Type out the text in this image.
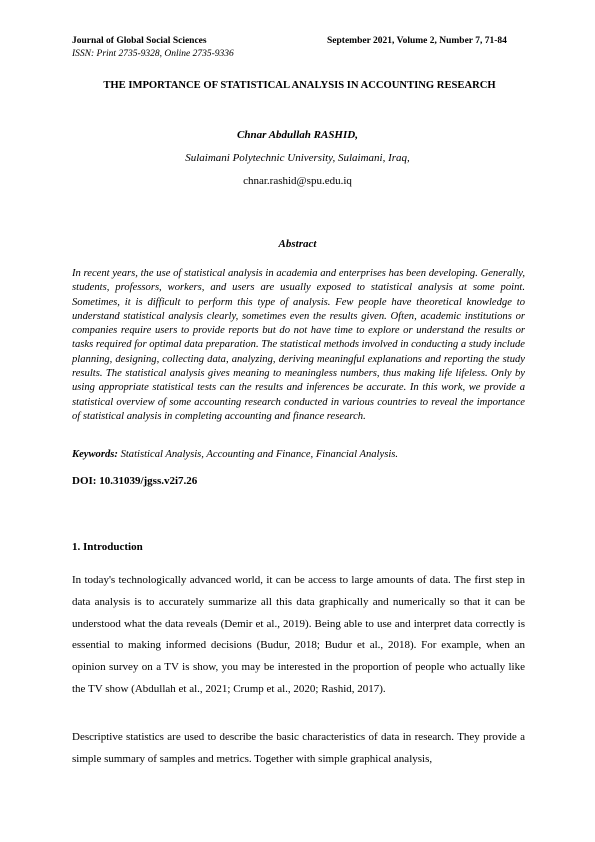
Journal of Global Social Sciences
ISSN: Print 2735-9328, Online 2735-9336
September 2021, Volume 2, Number 7, 71-84
THE IMPORTANCE OF STATISTICAL ANALYSIS IN ACCOUNTING RESEARCH
Chnar Abdullah RASHID,
Sulaimani Polytechnic University, Sulaimani, Iraq,
chnar.rashid@spu.edu.iq
Abstract
In recent years, the use of statistical analysis in academia and enterprises has been developing. Generally, students, professors, workers, and users are usually exposed to statistical analysis at some point. Sometimes, it is difficult to perform this type of analysis. Few people have theoretical knowledge to understand statistical analysis clearly, sometimes even the results given. Often, academic institutions or companies require users to provide reports but do not have time to explore or understand the results or tasks required for optimal data preparation. The statistical methods involved in conducting a study include planning, designing, collecting data, analyzing, deriving meaningful explanations and reporting the study results. The statistical analysis gives meaning to meaningless numbers, thus making life lifeless. Only by using appropriate statistical tests can the results and inferences be accurate. In this work, we provide a statistical overview of some accounting research conducted in various countries to reveal the importance of statistical analysis in completing accounting and finance research.
Keywords: Statistical Analysis, Accounting and Finance, Financial Analysis.
DOI: 10.31039/jgss.v2i7.26
1. Introduction
In today's technologically advanced world, it can be access to large amounts of data. The first step in data analysis is to accurately summarize all this data graphically and numerically so that it can be understood what the data reveals (Demir et al., 2019). Being able to use and interpret data correctly is essential to making informed decisions (Budur, 2018; Budur et al., 2018). For example, when an opinion survey on a TV is show, you may be interested in the proportion of people who actually like the TV show (Abdullah et al., 2021; Crump et al., 2020; Rashid, 2017).
Descriptive statistics are used to describe the basic characteristics of data in research. They provide a simple summary of samples and metrics. Together with simple graphical analysis,
